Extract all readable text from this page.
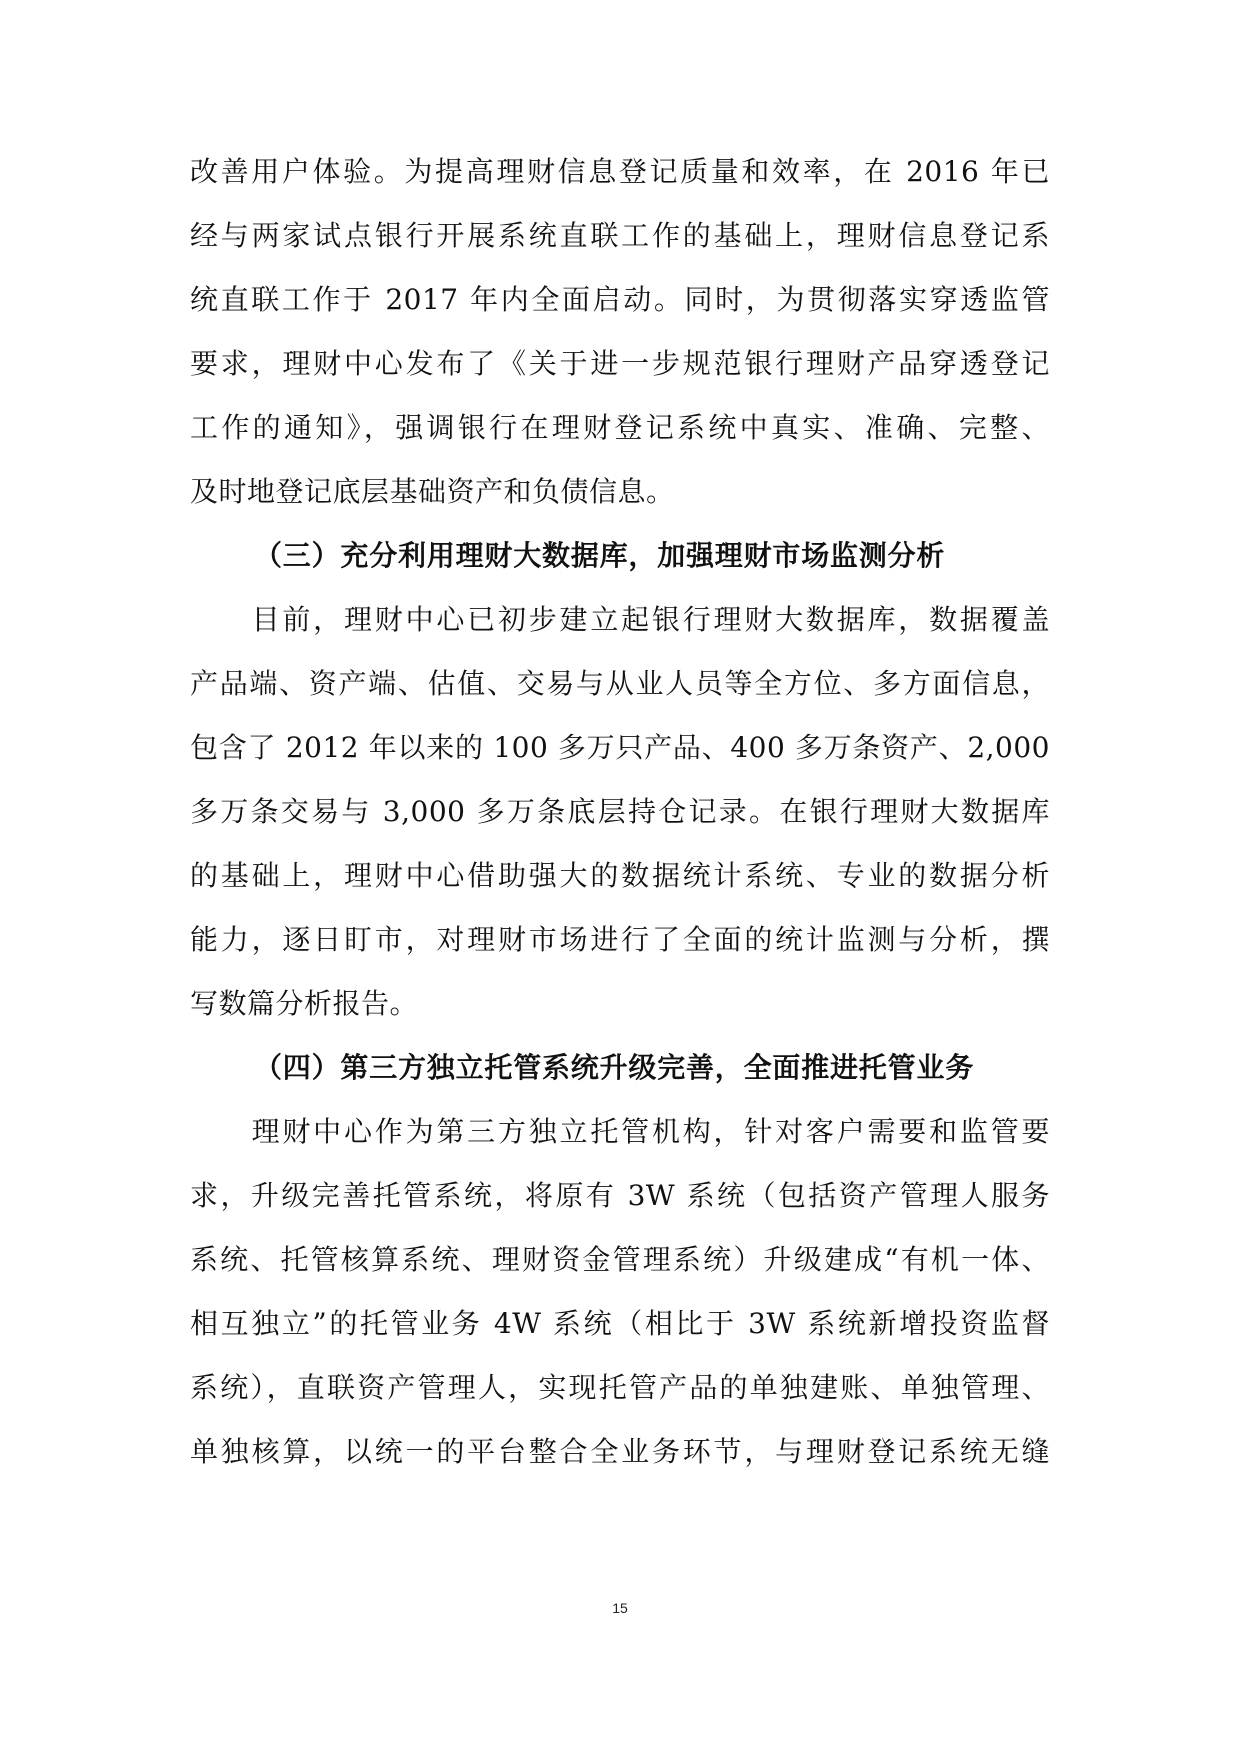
改善用户体验。为提高理财信息登记质量和效率，在 2016 年已
经与两家试点银行开展系统直联工作的基础上，理财信息登记系
统直联工作于 2017 年内全面启动。同时，为贯彻落实穿透监管
要求，理财中心发布了《关于进一步规范银行理财产品穿透登记
工作的通知》，强调银行在理财登记系统中真实、准确、完整、
及时地登记底层基础资产和负债信息。
（三）充分利用理财大数据库，加强理财市场监测分析
　　目前，理财中心已初步建立起银行理财大数据库，数据覆盖
产品端、资产端、估值、交易与从业人员等全方位、多方面信息，
包含了 2012 年以来的 100 多万只产品、400 多万条资产、2,000
多万条交易与 3,000 多万条底层持仓记录。在银行理财大数据库
的基础上，理财中心借助强大的数据统计系统、专业的数据分析
能力，逐日盯市，对理财市场进行了全面的统计监测与分析，撰
写数篇分析报告。
（四）第三方独立托管系统升级完善，全面推进托管业务
　　理财中心作为第三方独立托管机构，针对客户需要和监管要
求，升级完善托管系统，将原有 3W 系统（包括资产管理人服务
系统、托管核算系统、理财资金管理系统）升级建成“有机一体、
相互独立”的托管业务 4W 系统（相比于 3W 系统新增投资监督
系统），直联资产管理人，实现托管产品的单独建账、单独管理、
单独核算，以统一的平台整合全业务环节，与理财登记系统无缝
15
